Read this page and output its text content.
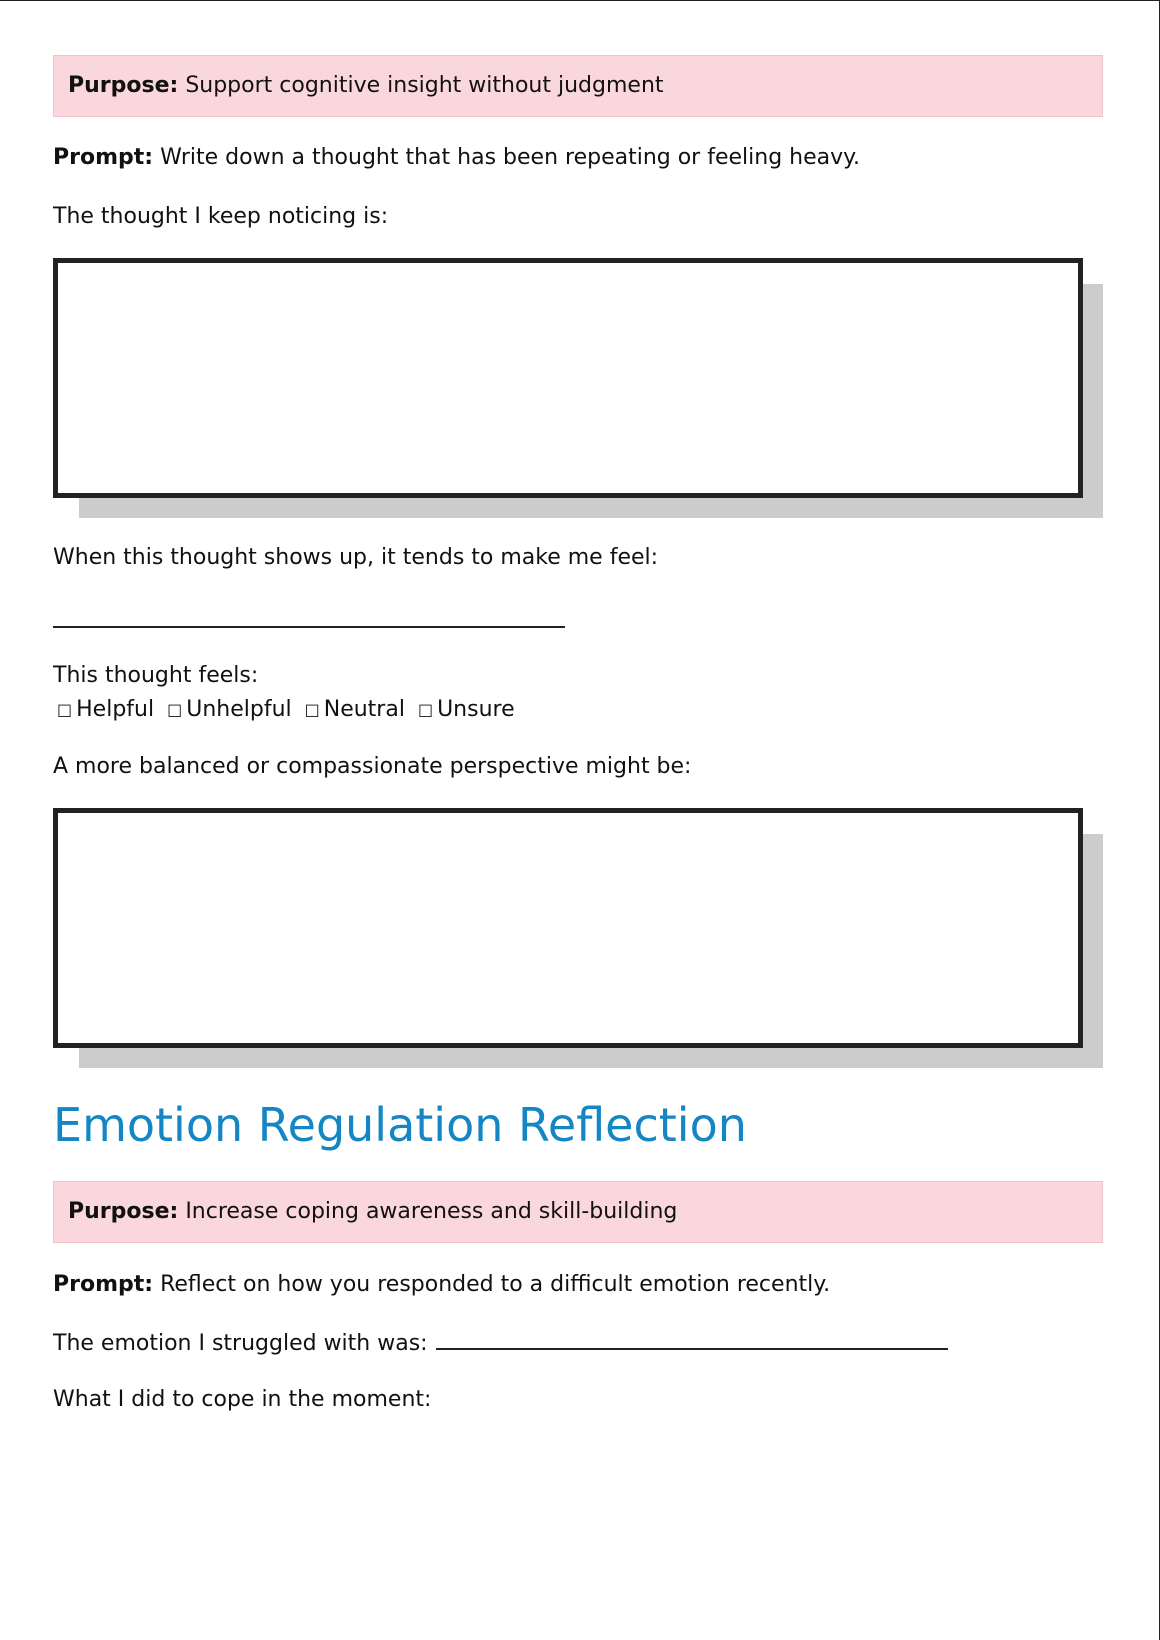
Purpose: Support cognitive insight without judgment
Prompt: Write down a thought that has been repeating or feeling heavy.
The thought I keep noticing is:
When this thought shows up, it tends to make me feel:
This thought feels:
□ Helpful □ Unhelpful □ Neutral □ Unsure
A more balanced or compassionate perspective might be:
Emotion Regulation Reflection
Purpose: Increase coping awareness and skill-building
Prompt: Reflect on how you responded to a difficult emotion recently.
The emotion I struggled with was:
What I did to cope in the moment:
